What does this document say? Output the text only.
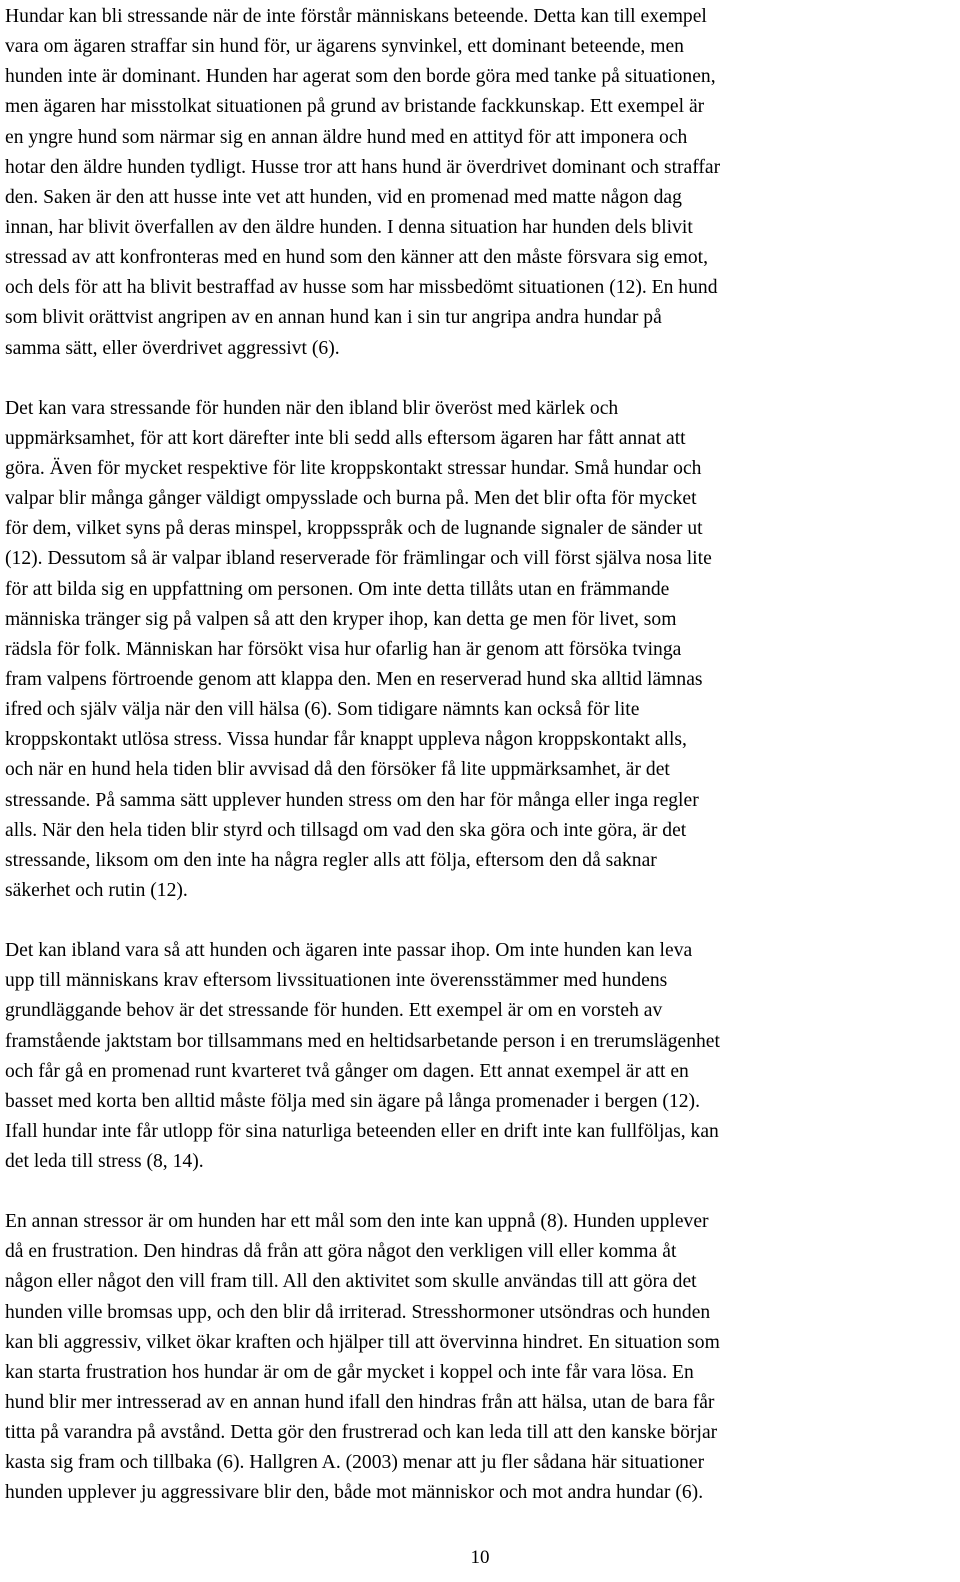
Hundar kan bli stressande när de inte förstår människans beteende. Detta kan till exempel
vara om ägaren straffar sin hund för, ur ägarens synvinkel, ett dominant beteende, men
hunden inte är dominant. Hunden har agerat som den borde göra med tanke på situationen,
men ägaren har misstolkat situationen på grund av bristande fackkunskap. Ett exempel är
en yngre hund som närmar sig en annan äldre hund med en attityd för att imponera och
hotar den äldre hunden tydligt. Husse tror att hans hund är överdrivet dominant och straffar
den. Saken är den att husse inte vet att hunden, vid en promenad med matte någon dag
innan, har blivit överfallen av den äldre hunden. I denna situation har hunden dels blivit
stressad av att konfronteras med en hund som den känner att den måste försvara sig emot,
och dels för att ha blivit bestraffad av husse som har missbedömt situationen (12). En hund
som blivit orättvist angripen av en annan hund kan i sin tur angripa andra hundar på
samma sätt, eller överdrivet aggressivt (6).
Det kan vara stressande för hunden när den ibland blir överöst med kärlek och
uppmärksamhet, för att kort därefter inte bli sedd alls eftersom ägaren har fått annat att
göra. Även för mycket respektive för lite kroppskontakt stressar hundar. Små hundar och
valpar blir många gånger väldigt ompysslade och burna på. Men det blir ofta för mycket
för dem, vilket syns på deras minspel, kroppsspråk och de lugnande signaler de sänder ut
(12). Dessutom så är valpar ibland reserverade för främlingar och vill först själva nosa lite
för att bilda sig en uppfattning om personen. Om inte detta tillåts utan en främmande
människa tränger sig på valpen så att den kryper ihop, kan detta ge men för livet, som
rädsla för folk. Människan har försökt visa hur ofarlig han är genom att försöka tvinga
fram valpens förtroende genom att klappa den. Men en reserverad hund ska alltid lämnas
ifred och själv välja när den vill hälsa (6). Som tidigare nämnts kan också för lite
kroppskontakt utlösa stress. Vissa hundar får knappt uppleva någon kroppskontakt alls,
och när en hund hela tiden blir avvisad då den försöker få lite uppmärksamhet, är det
stressande. På samma sätt upplever hunden stress om den har för många eller inga regler
alls. När den hela tiden blir styrd och tillsagd om vad den ska göra och inte göra, är det
stressande, liksom om den inte ha några regler alls att följa, eftersom den då saknar
säkerhet och rutin (12).
Det kan ibland vara så att hunden och ägaren inte passar ihop. Om inte hunden kan leva
upp till människans krav eftersom livssituationen inte överensstämmer med hundens
grundläggande behov är det stressande för hunden. Ett exempel är om en vorsteh av
framstående jaktstam bor tillsammans med en heltidsarbetande person i en trerumslägenhet
och får gå en promenad runt kvarteret två gånger om dagen. Ett annat exempel är att en
basset med korta ben alltid måste följa med sin ägare på långa promenader i bergen (12).
Ifall hundar inte får utlopp för sina naturliga beteenden eller en drift inte kan fullföljas, kan
det leda till stress (8, 14).
En annan stressor är om hunden har ett mål som den inte kan uppnå (8). Hunden upplever
då en frustration. Den hindras då från att göra något den verkligen vill eller komma åt
någon eller något den vill fram till. All den aktivitet som skulle användas till att göra det
hunden ville bromsas upp, och den blir då irriterad. Stresshormoner utsöndras och hunden
kan bli aggressiv, vilket ökar kraften och hjälper till att övervinna hindret. En situation som
kan starta frustration hos hundar är om de går mycket i koppel och inte får vara lösa. En
hund blir mer intresserad av en annan hund ifall den hindras från att hälsa, utan de bara får
titta på varandra på avstånd. Detta gör den frustrerad och kan leda till att den kanske börjar
kasta sig fram och tillbaka (6). Hallgren A. (2003) menar att ju fler sådana här situationer
hunden upplever ju aggressivare blir den, både mot människor och mot andra hundar (6).
10
